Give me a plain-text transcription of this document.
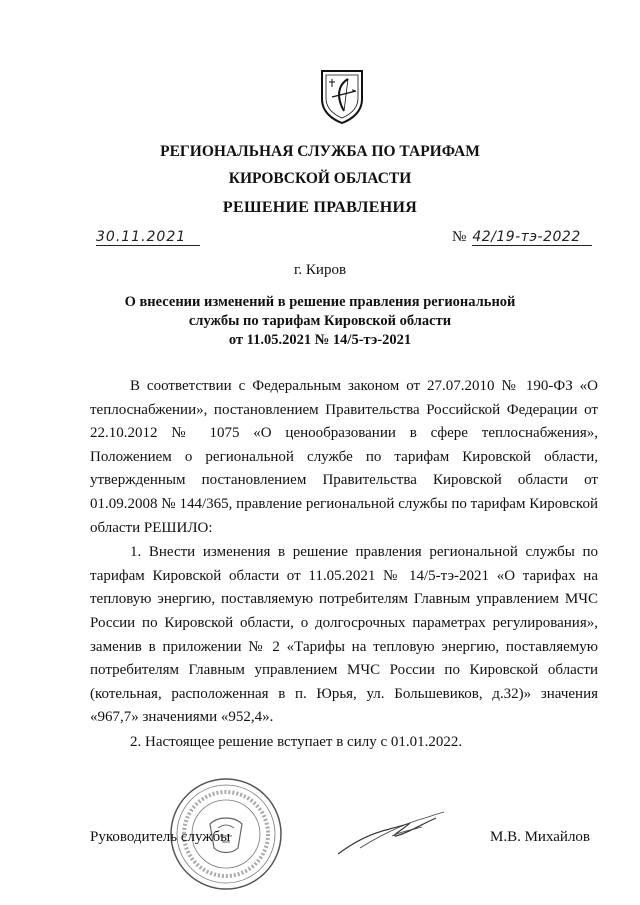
РЕГИОНАЛЬНАЯ СЛУЖБА ПО ТАРИФАМ
КИРОВСКОЙ ОБЛАСТИ
РЕШЕНИЕ ПРАВЛЕНИЯ
30.11.2021	№ 42/19-тэ-2022
г. Киров
О внесении изменений в решение правления региональной
службы по тарифам Кировской области
от 11.05.2021 № 14/5-тэ-2021

В соответствии с Федеральным законом от 27.07.2010 № 190-ФЗ «О теплоснабжении», постановлением Правительства Российской Федерации от 22.10.2012 № 1075 «О ценообразовании в сфере теплоснабжения», Положением о региональной службе по тарифам Кировской области, утвержденным постановлением Правительства Кировской области от 01.09.2008 № 144/365, правление региональной службы по тарифам Кировской области РЕШИЛО:

1. Внести изменения в решение правления региональной службы по тарифам Кировской области от 11.05.2021 № 14/5-тэ-2021 «О тарифах на тепловую энергию, поставляемую потребителям Главным управлением МЧС России по Кировской области, о долгосрочных параметрах регулирования», заменив в приложении № 2 «Тарифы на тепловую энергию, поставляемую потребителям Главным управлением МЧС России по Кировской области (котельная, расположенная в п. Юрья, ул. Большевиков, д.32)» значения «967,7» значениями «952,4».

2. Настоящее решение вступает в силу с 01.01.2022.

Руководитель службы	М.В. Михайлов
